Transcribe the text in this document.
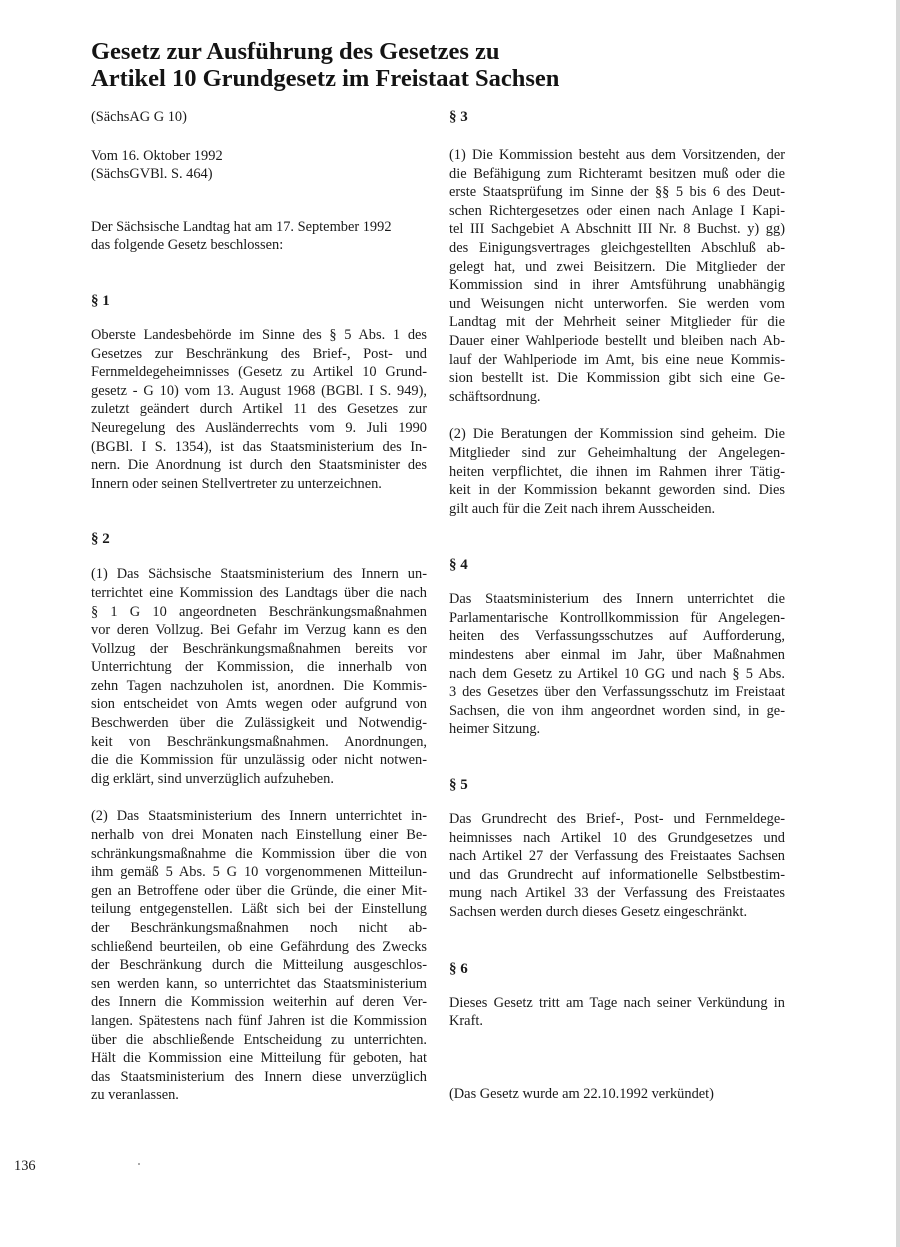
Gesetz zur Ausführung des Gesetzes zu
Artikel 10 Grundgesetz im Freistaat Sachsen

(SächsAG G 10)

Vom 16. Oktober 1992
(SächsGVBl. S. 464)

Der Sächsische Landtag hat am 17. September 1992
das folgende Gesetz beschlossen:

§ 1

Oberste Landesbehörde im Sinne des § 5 Abs. 1 des
Gesetzes zur Beschränkung des Brief-, Post- und
Fernmeldegeheimnisses (Gesetz zu Artikel 10 Grund-
gesetz - G 10) vom 13. August 1968 (BGBl. I S. 949),
zuletzt geändert durch Artikel 11 des Gesetzes zur
Neuregelung des Ausländerrechts vom 9. Juli 1990
(BGBl. I S. 1354), ist das Staatsministerium des In-
nern. Die Anordnung ist durch den Staatsminister des
Innern oder seinen Stellvertreter zu unterzeichnen.

§ 2

(1) Das Sächsische Staatsministerium des Innern un-
terrichtet eine Kommission des Landtags über die nach
§ 1 G 10 angeordneten Beschränkungsmaßnahmen
vor deren Vollzug. Bei Gefahr im Verzug kann es den
Vollzug der Beschränkungsmaßnahmen bereits vor
Unterrichtung der Kommission, die innerhalb von
zehn Tagen nachzuholen ist, anordnen. Die Kommis-
sion entscheidet von Amts wegen oder aufgrund von
Beschwerden über die Zulässigkeit und Notwendig-
keit von Beschränkungsmaßnahmen. Anordnungen,
die die Kommission für unzulässig oder nicht notwen-
dig erklärt, sind unverzüglich aufzuheben.

(2) Das Staatsministerium des Innern unterrichtet in-
nerhalb von drei Monaten nach Einstellung einer Be-
schränkungsmaßnahme die Kommission über die von
ihm gemäß 5 Abs. 5 G 10 vorgenommenen Mitteilun-
gen an Betroffene oder über die Gründe, die einer Mit-
teilung entgegenstellen. Läßt sich bei der Einstellung
der Beschränkungsmaßnahmen noch nicht ab-
schließend beurteilen, ob eine Gefährdung des Zwecks
der Beschränkung durch die Mitteilung ausgeschlos-
sen werden kann, so unterrichtet das Staatsministerium
des Innern die Kommission weiterhin auf deren Ver-
langen. Spätestens nach fünf Jahren ist die Kommission
über die abschließende Entscheidung zu unterrichten.
Hält die Kommission eine Mitteilung für geboten, hat
das Staatsministerium des Innern diese unverzüglich
zu veranlassen.

§ 3

(1) Die Kommission besteht aus dem Vorsitzenden, der
die Befähigung zum Richteramt besitzen muß oder die
erste Staatsprüfung im Sinne der §§ 5 bis 6 des Deut-
schen Richtergesetzes oder einen nach Anlage I Kapi-
tel III Sachgebiet A Abschnitt III Nr. 8 Buchst. y) gg)
des Einigungsvertrages gleichgestellten Abschluß ab-
gelegt hat, und zwei Beisitzern. Die Mitglieder der
Kommission sind in ihrer Amtsführung unabhängig
und Weisungen nicht unterworfen. Sie werden vom
Landtag mit der Mehrheit seiner Mitglieder für die
Dauer einer Wahlperiode bestellt und bleiben nach Ab-
lauf der Wahlperiode im Amt, bis eine neue Kommis-
sion bestellt ist. Die Kommission gibt sich eine Ge-
schäftsordnung.

(2) Die Beratungen der Kommission sind geheim. Die
Mitglieder sind zur Geheimhaltung der Angelegen-
heiten verpflichtet, die ihnen im Rahmen ihrer Tätig-
keit in der Kommission bekannt geworden sind. Dies
gilt auch für die Zeit nach ihrem Ausscheiden.

§ 4

Das Staatsministerium des Innern unterrichtet die
Parlamentarische Kontrollkommission für Angelegen-
heiten des Verfassungsschutzes auf Aufforderung,
mindestens aber einmal im Jahr, über Maßnahmen
nach dem Gesetz zu Artikel 10 GG und nach § 5 Abs.
3 des Gesetzes über den Verfassungsschutz im Freistaat
Sachsen, die von ihm angeordnet worden sind, in ge-
heimer Sitzung.

§ 5

Das Grundrecht des Brief-, Post- und Fernmeldege-
heimnisses nach Artikel 10 des Grundgesetzes und
nach Artikel 27 der Verfassung des Freistaates Sachsen
und das Grundrecht auf informationelle Selbstbestim-
mung nach Artikel 33 der Verfassung des Freistaates
Sachsen werden durch dieses Gesetz eingeschränkt.

§ 6

Dieses Gesetz tritt am Tage nach seiner Verkündung in
Kraft.

(Das Gesetz wurde am 22.10.1992 verkündet)

136
